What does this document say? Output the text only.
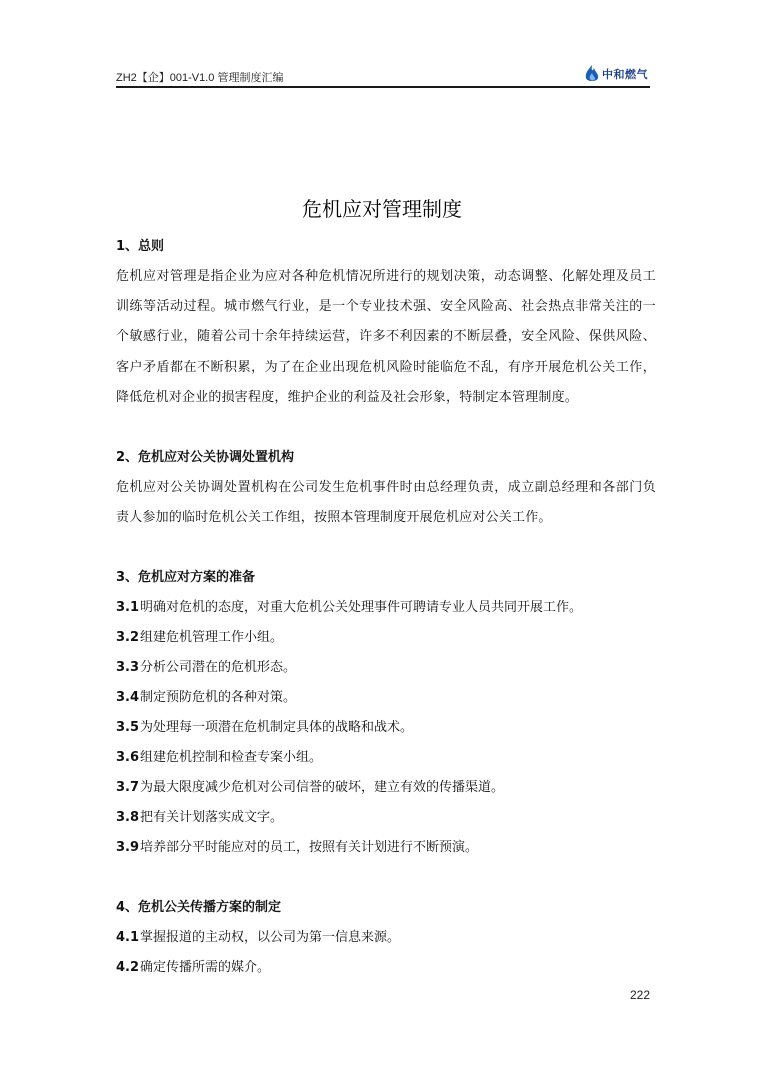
ZH2【企】001-V1.0 管理制度汇编	中和燃气
危机应对管理制度
1、总则
危机应对管理是指企业为应对各种危机情况所进行的规划决策，动态调整、化解处理及员工训练等活动过程。城市燃气行业，是一个专业技术强、安全风险高、社会热点非常关注的一个敏感行业，随着公司十余年持续运营，许多不利因素的不断层叠，安全风险、保供风险、客户矛盾都在不断积累，为了在企业出现危机风险时能临危不乱，有序开展危机公关工作，降低危机对企业的损害程度，维护企业的利益及社会形象，特制定本管理制度。
2、危机应对公关协调处置机构
危机应对公关协调处置机构在公司发生危机事件时由总经理负责，成立副总经理和各部门负责人参加的临时危机公关工作组，按照本管理制度开展危机应对公关工作。
3、危机应对方案的准备
3.1明确对危机的态度，对重大危机公关处理事件可聘请专业人员共同开展工作。
3.2组建危机管理工作小组。
3.3分析公司潜在的危机形态。
3.4制定预防危机的各种对策。
3.5为处理每一项潜在危机制定具体的战略和战术。
3.6组建危机控制和检查专案小组。
3.7为最大限度减少危机对公司信誉的破坏，建立有效的传播渠道。
3.8把有关计划落实成文字。
3.9培养部分平时能应对的员工，按照有关计划进行不断预演。
4、危机公关传播方案的制定
4.1掌握报道的主动权，以公司为第一信息来源。
4.2确定传播所需的媒介。
222
